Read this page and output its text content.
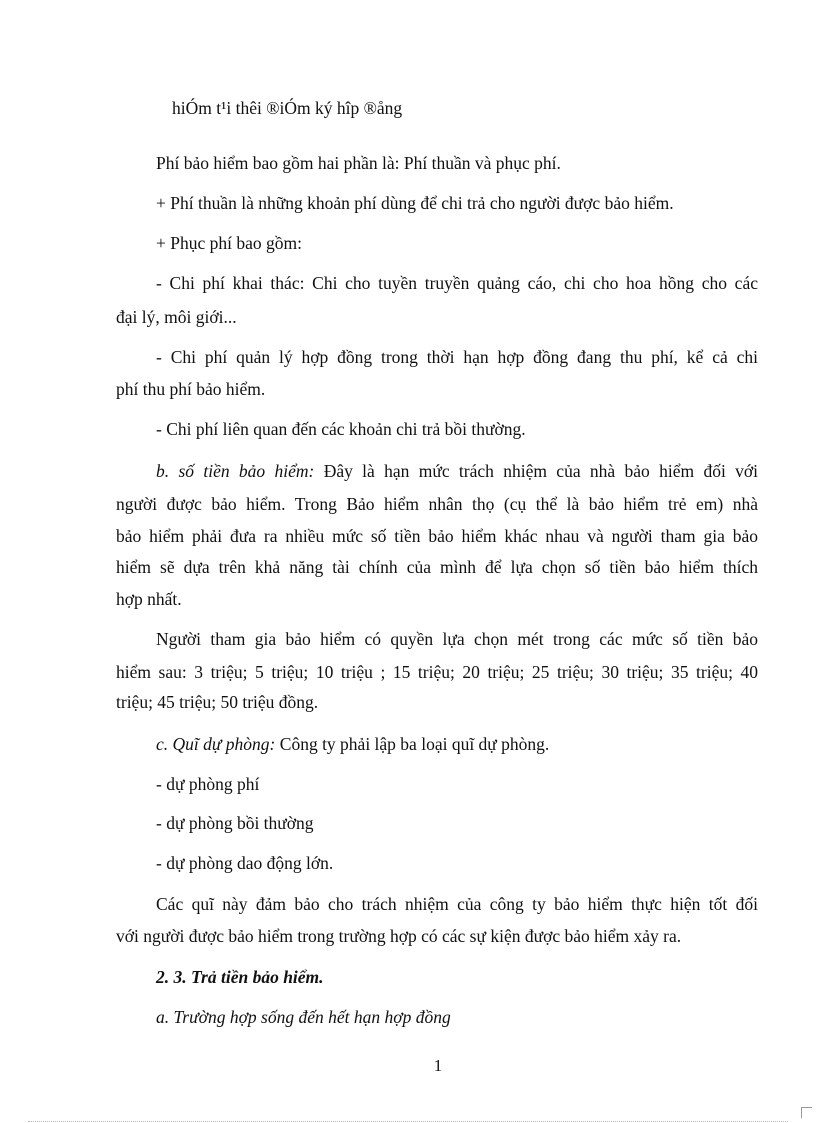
hiÓm t¹i thêi ®iÓm ký hîp ®ång
Phí bảo hiểm bao gồm hai phần là: Phí thuần và phục phí.
+ Phí thuần là những khoản phí dùng để chi trả cho người được bảo hiểm.
+ Phục phí bao gồm:
- Chi phí khai thác: Chi cho tuyền truyền quảng cáo, chi cho hoa hồng cho các
đại lý, môi giới...
- Chi phí quản lý hợp đồng trong thời hạn hợp đồng đang thu phí, kể cả chi
phí thu phí bảo hiểm.
- Chi phí liên quan đến các khoản chi trả bồi thường.
b. số tiền bảo hiểm: Đây là hạn mức trách nhiệm của nhà bảo hiểm đối với
người được bảo hiểm. Trong Bảo hiểm nhân thọ (cụ thể là bảo hiểm trẻ em) nhà
bảo hiểm phải đưa ra nhiều mức số tiền bảo hiểm khác nhau và người tham gia bảo
hiểm sẽ dựa trên khả năng tài chính của mình để lựa chọn số tiền bảo hiểm thích
hợp nhất.
Người tham gia bảo hiểm có quyền lựa chọn mét trong các mức số tiền bảo
hiểm sau: 3 triệu; 5 triệu; 10 triệu ; 15 triệu; 20 triệu; 25 triệu; 30 triệu; 35 triệu; 40
triệu; 45 triệu; 50 triệu đồng.
c. Quĩ dự phòng: Công ty phải lập ba loại quĩ dự phòng.
- dự phòng phí
- dự phòng bồi thường
- dự phòng dao động lớn.
Các quĩ này đảm bảo cho trách nhiệm của công ty bảo hiểm thực hiện tốt đối
với người được bảo hiểm trong trường hợp có các sự kiện được bảo hiểm xảy ra.
2. 3. Trả tiền bảo hiểm.
a. Trường hợp sống đến hết hạn hợp đồng
1
